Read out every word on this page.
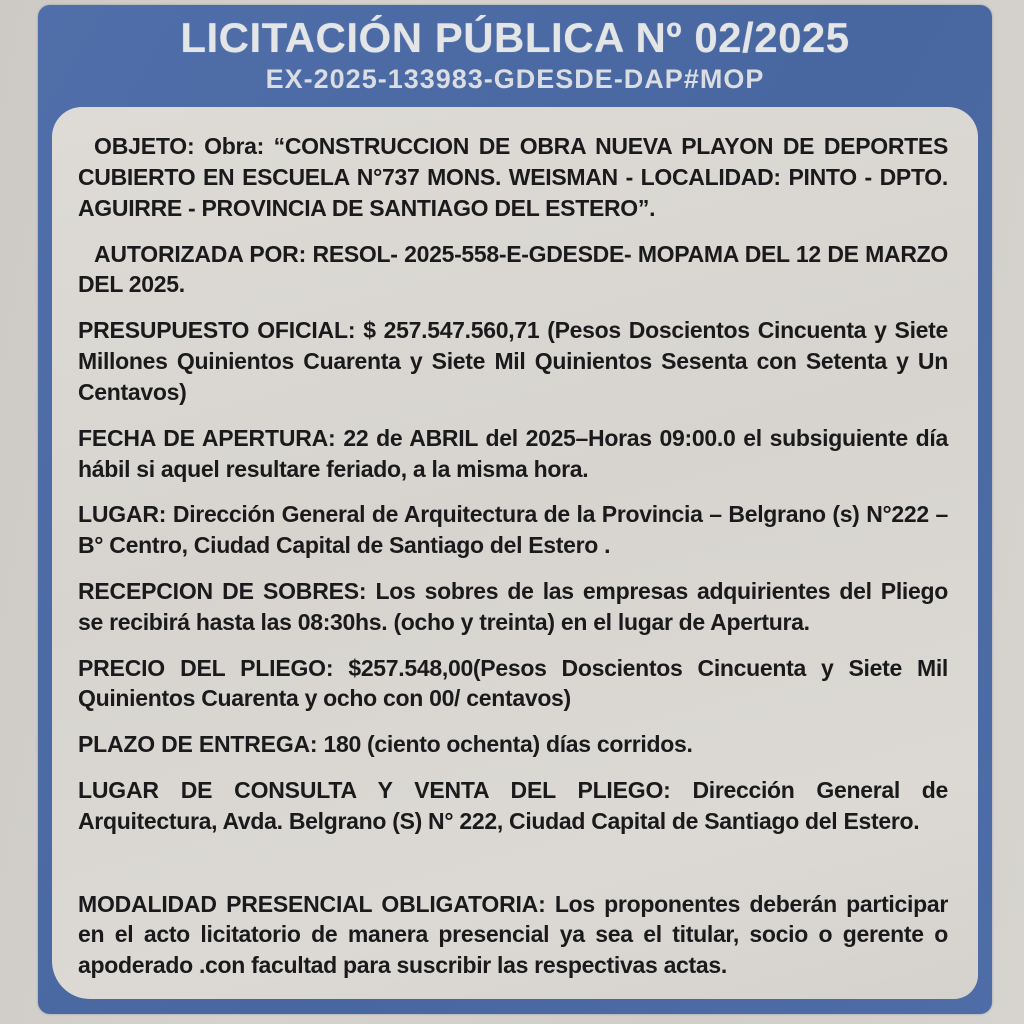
LICITACIÓN PÚBLICA Nº 02/2025
EX-2025-133983-GDESDE-DAP#MOP

OBJETO: Obra: “CONSTRUCCION DE OBRA NUEVA PLAYON DE DEPORTES CUBIERTO EN ESCUELA N°737 MONS. WEISMAN - LOCALIDAD: PINTO - DPTO. AGUIRRE - PROVINCIA DE SANTIAGO DEL ESTERO”.

AUTORIZADA POR: RESOL- 2025-558-E-GDESDE- MOPAMA DEL 12 DE MARZO DEL 2025.

PRESUPUESTO OFICIAL: $ 257.547.560,71 (Pesos Doscientos Cincuenta y Siete Millones Quinientos Cuarenta y Siete Mil Quinientos Sesenta con Setenta y Un Centavos)

FECHA DE APERTURA: 22 de ABRIL del 2025–Horas 09:00.0 el subsiguiente día hábil si aquel resultare feriado, a la misma hora.

LUGAR: Dirección General de Arquitectura de la Provincia – Belgrano (s) N°222 – B° Centro, Ciudad Capital de Santiago del Estero .

RECEPCION DE SOBRES: Los sobres de las empresas adquirientes del Pliego se recibirá hasta las 08:30hs. (ocho y treinta) en el lugar de Apertura.

PRECIO DEL PLIEGO: $257.548,00(Pesos Doscientos Cincuenta y Siete Mil Quinientos Cuarenta y ocho con 00/ centavos)

PLAZO DE ENTREGA: 180 (ciento ochenta) días corridos.

LUGAR DE CONSULTA Y VENTA DEL PLIEGO: Dirección General de Arquitectura, Avda. Belgrano (S) N° 222, Ciudad Capital de Santiago del Estero.

MODALIDAD PRESENCIAL OBLIGATORIA: Los proponentes deberán participar en el acto licitatorio de manera presencial ya sea el titular, socio o gerente o apoderado .con facultad para suscribir las respectivas actas.
